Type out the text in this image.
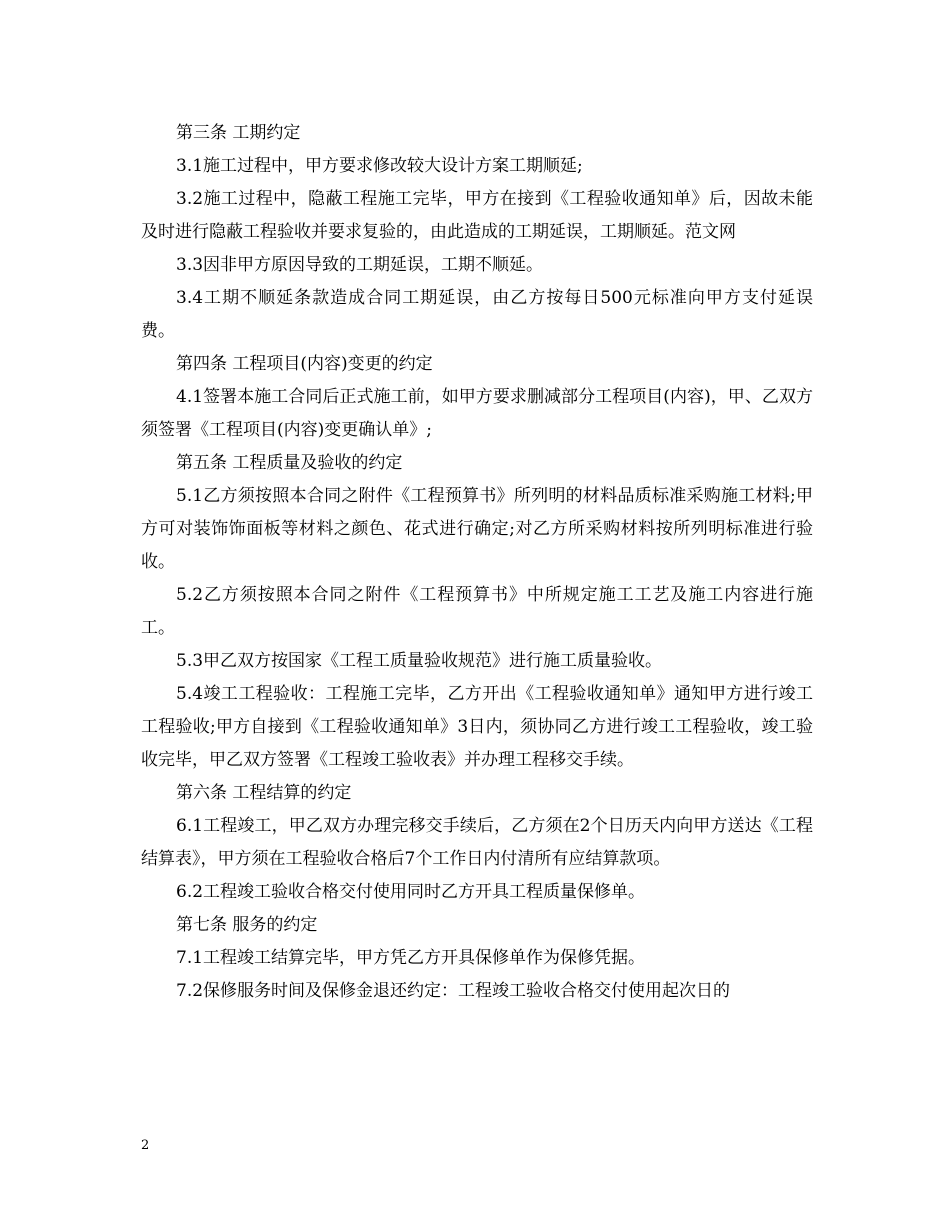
第三条 工期约定

3.1施工过程中，甲方要求修改较大设计方案工期顺延;

3.2施工过程中，隐蔽工程施工完毕，甲方在接到《工程验收通知单》后，因故未能及时进行隐蔽工程验收并要求复验的，由此造成的工期延误，工期顺延。范文网

3.3因非甲方原因导致的工期延误，工期不顺延。

3.4工期不顺延条款造成合同工期延误，由乙方按每日500元标准向甲方支付延误费。

第四条 工程项目(内容)变更的约定

4.1签署本施工合同后正式施工前，如甲方要求删减部分工程项目(内容)，甲、乙双方须签署《工程项目(内容)变更确认单》;

第五条 工程质量及验收的约定

5.1乙方须按照本合同之附件《工程预算书》所列明的材料品质标准采购施工材料;甲方可对装饰饰面板等材料之颜色、花式进行确定;对乙方所采购材料按所列明标准进行验收。

5.2乙方须按照本合同之附件《工程预算书》中所规定施工工艺及施工内容进行施工。

5.3甲乙双方按国家《工程工质量验收规范》进行施工质量验收。

5.4竣工工程验收：工程施工完毕，乙方开出《工程验收通知单》通知甲方进行竣工工程验收;甲方自接到《工程验收通知单》3日内，须协同乙方进行竣工工程验收，竣工验收完毕，甲乙双方签署《工程竣工验收表》并办理工程移交手续。

第六条 工程结算的约定

6.1工程竣工，甲乙双方办理完移交手续后，乙方须在2个日历天内向甲方送达《工程结算表》，甲方须在工程验收合格后7个工作日内付清所有应结算款项。

6.2工程竣工验收合格交付使用同时乙方开具工程质量保修单。

第七条 服务的约定

7.1工程竣工结算完毕，甲方凭乙方开具保修单作为保修凭据。

7.2保修服务时间及保修金退还约定：工程竣工验收合格交付使用起次日的

2
